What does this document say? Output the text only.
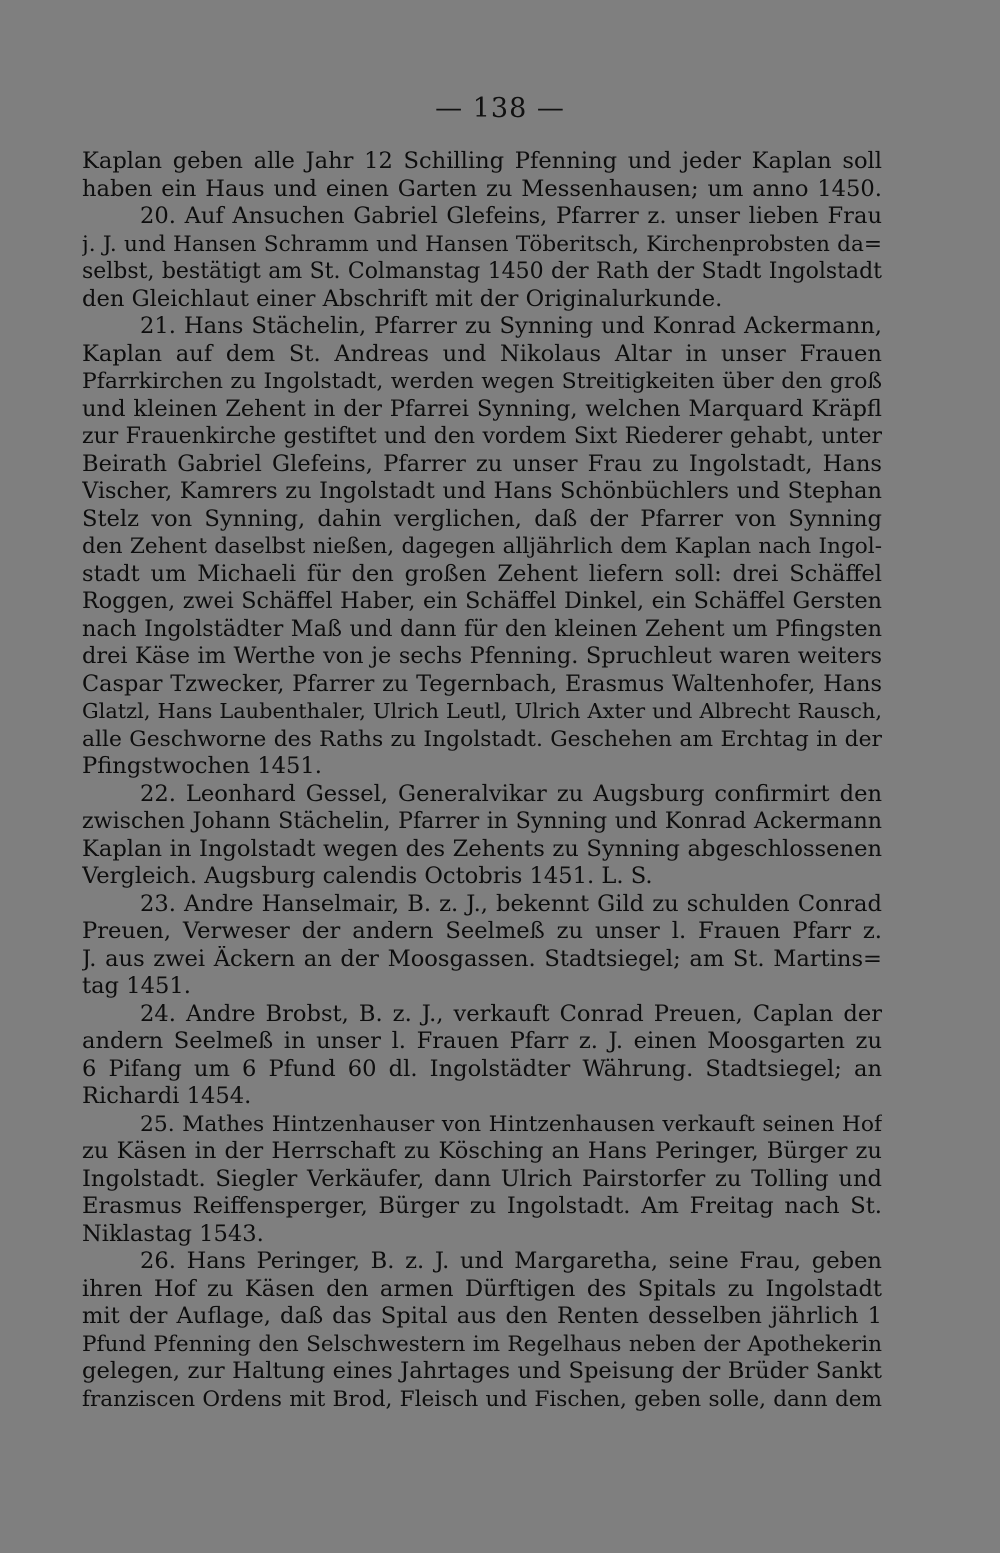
— 138 —
Kaplan geben alle Jahr 12 Schilling Pfenning und jeder Kaplan soll
haben ein Haus und einen Garten zu Messenhausen; um anno 1450.
20. Auf Ansuchen Gabriel Glefeins, Pfarrer z. unser lieben Frau
j. J. und Hansen Schramm und Hansen Töberitsch, Kirchenprobsten da=
selbst, bestätigt am St. Colmanstag 1450 der Rath der Stadt Ingolstadt
den Gleichlaut einer Abschrift mit der Originalurkunde.
21. Hans Stächelin, Pfarrer zu Synning und Konrad Ackermann,
Kaplan auf dem St. Andreas und Nikolaus Altar in unser Frauen
Pfarrkirchen zu Ingolstadt, werden wegen Streitigkeiten über den groß
und kleinen Zehent in der Pfarrei Synning, welchen Marquard Kräpfl
zur Frauenkirche gestiftet und den vordem Sixt Riederer gehabt, unter
Beirath Gabriel Glefeins, Pfarrer zu unser Frau zu Ingolstadt, Hans
Vischer, Kamrers zu Ingolstadt und Hans Schönbüchlers und Stephan
Stelz von Synning, dahin verglichen, daß der Pfarrer von Synning
den Zehent daselbst nießen, dagegen alljährlich dem Kaplan nach Ingol-
stadt um Michaeli für den großen Zehent liefern soll: drei Schäffel
Roggen, zwei Schäffel Haber, ein Schäffel Dinkel, ein Schäffel Gersten
nach Ingolstädter Maß und dann für den kleinen Zehent um Pfingsten
drei Käse im Werthe von je sechs Pfenning. Spruchleut waren weiters
Caspar Tzwecker, Pfarrer zu Tegernbach, Erasmus Waltenhofer, Hans
Glatzl, Hans Laubenthaler, Ulrich Leutl, Ulrich Axter und Albrecht Rausch,
alle Geschworne des Raths zu Ingolstadt. Geschehen am Erchtag in der
Pfingstwochen 1451.
22. Leonhard Gessel, Generalvikar zu Augsburg confirmirt den
zwischen Johann Stächelin, Pfarrer in Synning und Konrad Ackermann
Kaplan in Ingolstadt wegen des Zehents zu Synning abgeschlossenen
Vergleich. Augsburg calendis Octobris 1451. L. S.
23. Andre Hanselmair, B. z. J., bekennt Gild zu schulden Conrad
Preuen, Verweser der andern Seelmeß zu unser l. Frauen Pfarr z.
J. aus zwei Äckern an der Moosgassen. Stadtsiegel; am St. Martins=
tag 1451.
24. Andre Brobst, B. z. J., verkauft Conrad Preuen, Caplan der
andern Seelmeß in unser l. Frauen Pfarr z. J. einen Moosgarten zu
6 Pifang um 6 Pfund 60 dl. Ingolstädter Währung. Stadtsiegel; an
Richardi 1454.
25. Mathes Hintzenhauser von Hintzenhausen verkauft seinen Hof
zu Käsen in der Herrschaft zu Kösching an Hans Peringer, Bürger zu
Ingolstadt. Siegler Verkäufer, dann Ulrich Pairstorfer zu Tolling und
Erasmus Reiffensperger, Bürger zu Ingolstadt. Am Freitag nach St.
Niklastag 1543.
26. Hans Peringer, B. z. J. und Margaretha, seine Frau, geben
ihren Hof zu Käsen den armen Dürftigen des Spitals zu Ingolstadt
mit der Auflage, daß das Spital aus den Renten desselben jährlich 1
Pfund Pfenning den Selschwestern im Regelhaus neben der Apothekerin
gelegen, zur Haltung eines Jahrtages und Speisung der Brüder Sankt
franziscen Ordens mit Brod, Fleisch und Fischen, geben solle, dann dem
